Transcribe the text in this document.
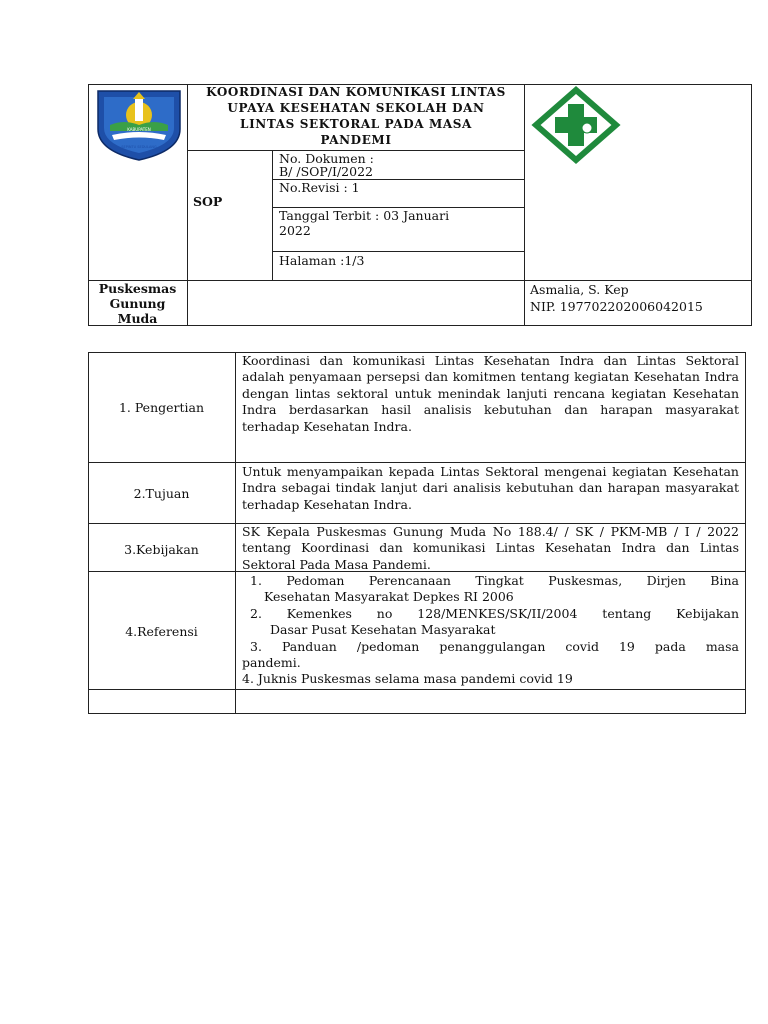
KABUPATEN
BANGKA
SEPINTU SEDULANG
KOORDINASI DAN KOMUNIKASI LINTAS
UPAYA KESEHATAN SEKOLAH DAN
LINTAS SEKTORAL PADA MASA
PANDEMI
SOP
No. Dokumen :
B/ /SOP/I/2022
No.Revisi : 1
Tanggal Terbit : 03 Januari
2022
Halaman :1/3
Puskesmas
Gunung
Muda
Asmalia, S. Kep
NIP. 197702202006042015
1. Pengertian
Koordinasi dan komunikasi Lintas Kesehatan Indra dan Lintas Sektoral adalah penyamaan persepsi dan komitmen tentang kegiatan Kesehatan Indra dengan lintas sektoral untuk menindak lanjuti rencana kegiatan Kesehatan Indra berdasarkan hasil analisis kebutuhan dan harapan masyarakat terhadap Kesehatan Indra.
2.Tujuan
Untuk menyampaikan kepada Lintas Sektoral mengenai kegiatan Kesehatan Indra sebagai tindak lanjut dari analisis kebutuhan dan harapan masyarakat terhadap Kesehatan Indra.
3.Kebijakan
SK Kepala Puskesmas Gunung Muda No 188.4/ / SK / PKM-MB / I / 2022 tentang Koordinasi dan komunikasi Lintas Kesehatan Indra dan Lintas Sektoral Pada Masa Pandemi.
4.Referensi
1. Pedoman Perencanaan Tingkat Puskesmas, Dirjen Bina
Kesehatan Masyarakat Depkes RI 2006
2. Kemenkes no 128/MENKES/SK/II/2004 tentang Kebijakan
Dasar Pusat Kesehatan Masyarakat
3. Panduan /pedoman penanggulangan covid 19 pada masa
pandemi.
4. Juknis Puskesmas selama masa pandemi covid 19
